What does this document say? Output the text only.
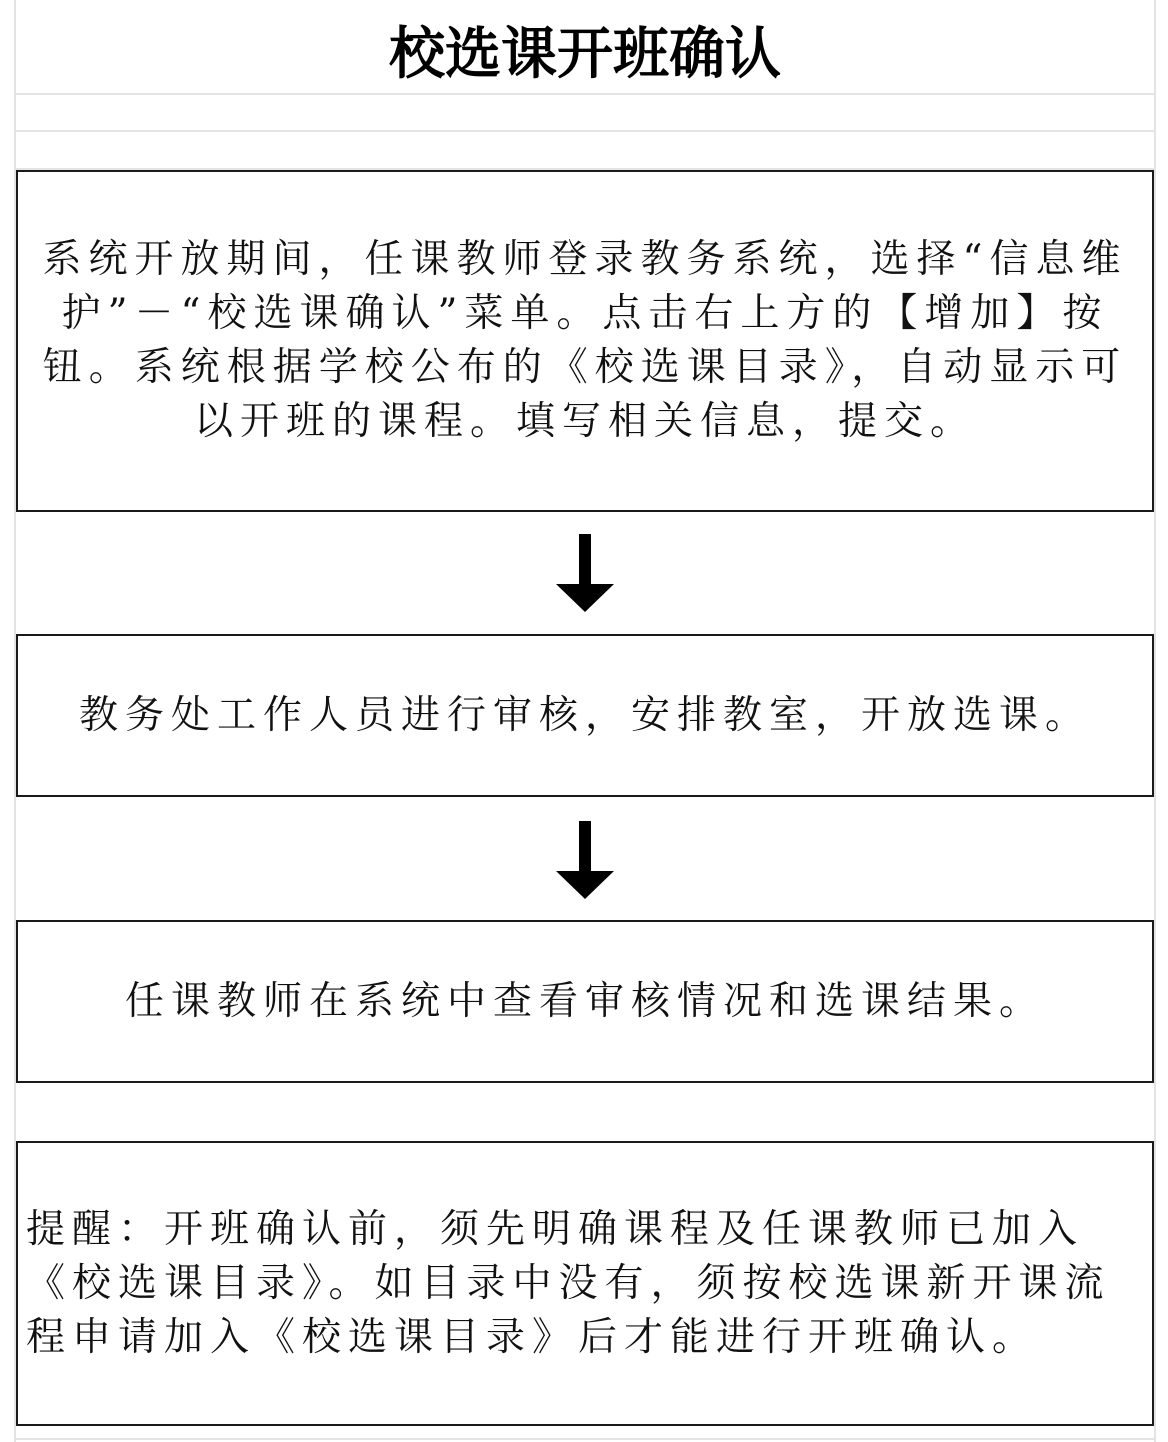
校选课开班确认
系统开放期间，任课教师登录教务系统，选择“信息维护”－“校选课确认”菜单。点击右上方的【增加】按钮。系统根据学校公布的《校选课目录》，自动显示可以开班的课程。填写相关信息，提交。
教务处工作人员进行审核，安排教室，开放选课。
任课教师在系统中查看审核情况和选课结果。
提醒：开班确认前，须先明确课程及任课教师已加入《校选课目录》。如目录中没有，须按校选课新开课流程申请加入《校选课目录》后才能进行开班确认。
